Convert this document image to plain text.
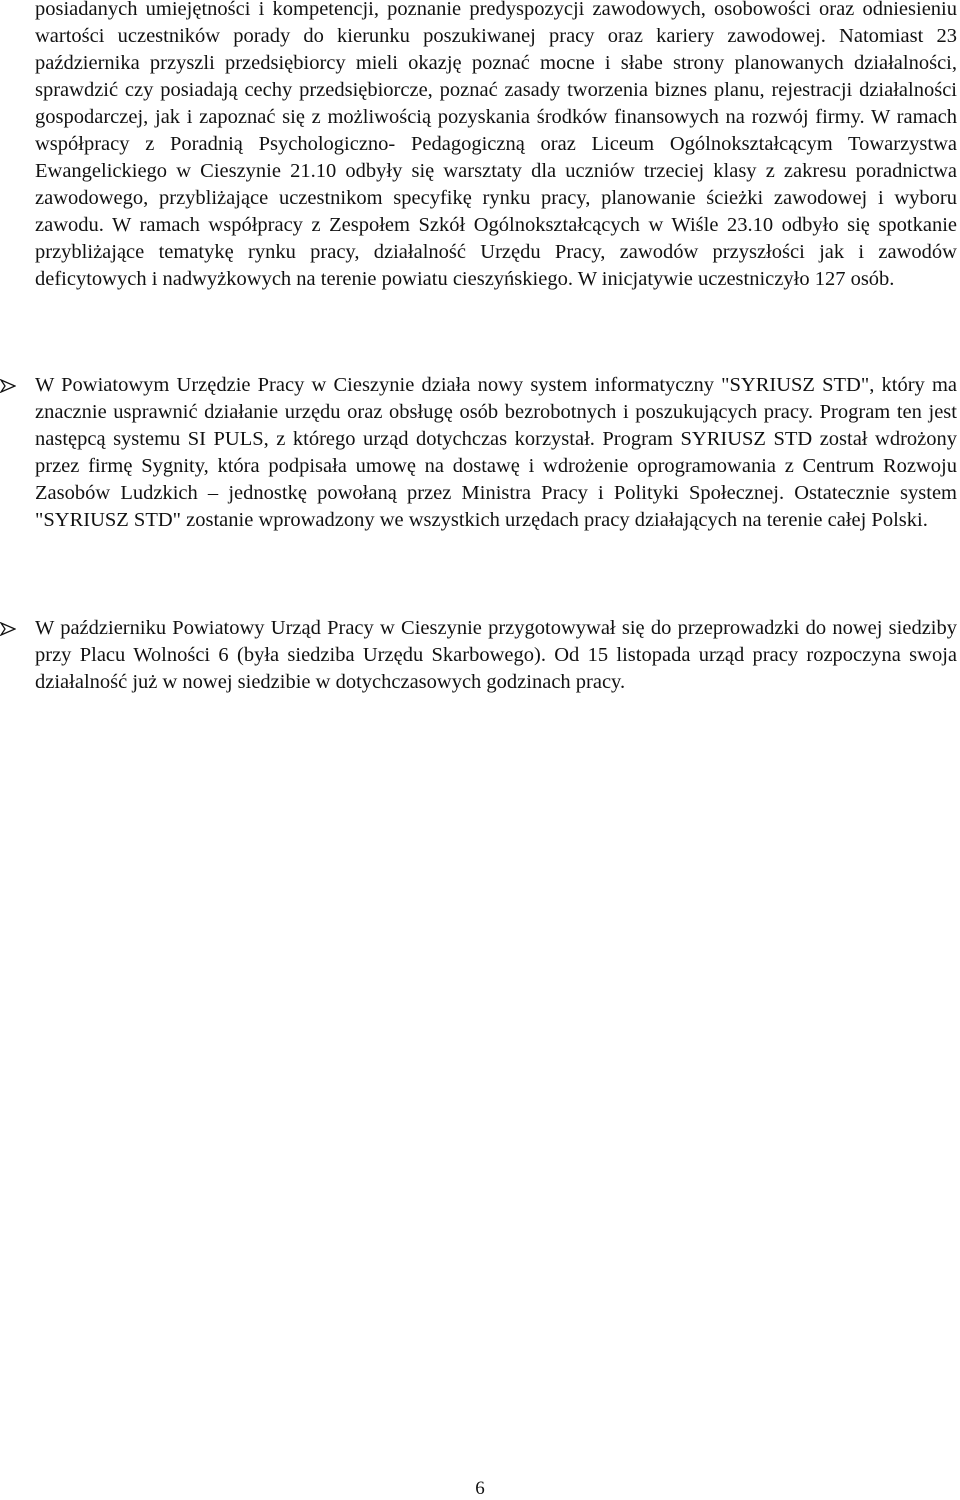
posiadanych umiejętności i kompetencji, poznanie predyspozycji zawodowych, osobowości oraz odniesieniu wartości uczestników porady do kierunku poszukiwanej pracy oraz kariery zawodowej. Natomiast 23 października przyszli przedsiębiorcy mieli okazję poznać mocne i słabe strony planowanych działalności, sprawdzić czy posiadają cechy przedsiębiorcze, poznać zasady tworzenia biznes planu, rejestracji działalności gospodarczej, jak i zapoznać się z możliwością pozyskania środków finansowych na rozwój firmy. W ramach współpracy z Poradnią Psychologiczno- Pedagogiczną oraz Liceum Ogólnokształcącym Towarzystwa Ewangelickiego w Cieszynie 21.10 odbyły się warsztaty dla uczniów trzeciej klasy z zakresu poradnictwa zawodowego, przybliżające uczestnikom specyfikę rynku pracy, planowanie ścieżki zawodowej i wyboru zawodu. W ramach współpracy z Zespołem Szkół Ogólnokształcących w Wiśle 23.10 odbyło się spotkanie przybliżające tematykę rynku pracy, działalność Urzędu Pracy, zawodów przyszłości jak i zawodów deficytowych i nadwyżkowych na terenie powiatu cieszyńskiego. W inicjatywie uczestniczyło 127 osób.

W Powiatowym Urzędzie Pracy w Cieszynie działa nowy system informatyczny "SYRIUSZ STD", który ma znacznie usprawnić działanie urzędu oraz obsługę osób bezrobotnych i poszukujących pracy. Program ten jest następcą systemu SI PULS, z którego urząd dotychczas korzystał. Program SYRIUSZ STD został wdrożony przez firmę Sygnity, która podpisała umowę na dostawę i wdrożenie oprogramowania z Centrum Rozwoju Zasobów Ludzkich – jednostkę powołaną przez Ministra Pracy i Polityki Społecznej. Ostatecznie system "SYRIUSZ STD" zostanie wprowadzony we wszystkich urzędach pracy działających na terenie całej Polski.

W październiku Powiatowy Urząd Pracy w Cieszynie przygotowywał się do przeprowadzki do nowej siedziby przy Placu Wolności 6 (była siedziba Urzędu Skarbowego). Od 15 listopada urząd pracy rozpoczyna swoja działalność już w nowej siedzibie w dotychczasowych godzinach pracy.

6
